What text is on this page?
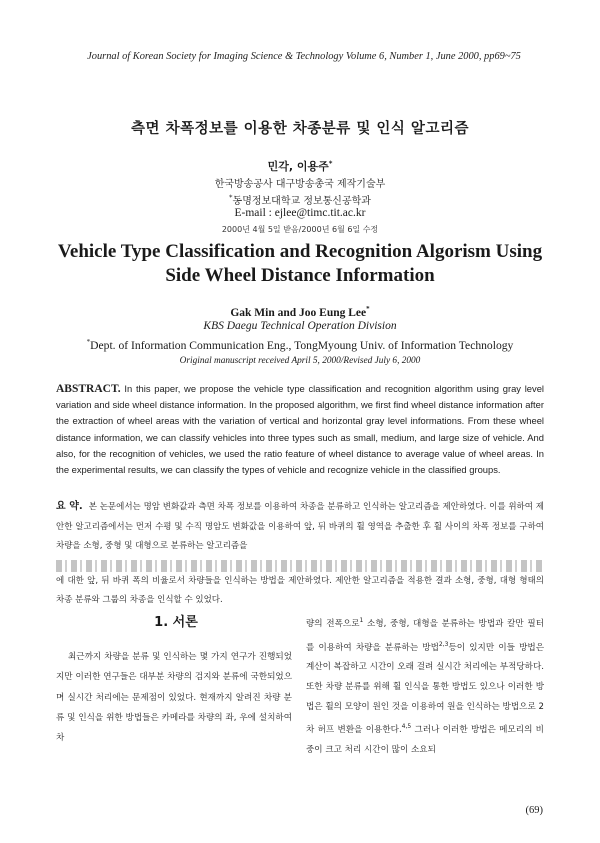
Journal of Korean Society for Imaging Science & Technology Volume 6, Number 1, June 2000, pp69~75
측면 차폭정보를 이용한 차종분류 및 인식 알고리즘
민각, 이용주*
한국방송공사 대구방송총국 제작기술부
*동명정보대학교 정보통신공학과
E-mail : ejlee@timc.tit.ac.kr
2000년 4월 5일 받음/2000년 6월 6일 수정
Vehicle Type Classification and Recognition Algorism Using
Side Wheel Distance Information
Gak Min and Joo Eung Lee*
KBS Daegu Technical Operation Division
*Dept. of Information Communication Eng., TongMyoung Univ. of Information Technology
Original manuscript received April 5, 2000/Revised July 6, 2000
ABSTRACT. In this paper, we propose the vehicle type classification and recognition algorithm using gray level variation and side wheel distance information. In the proposed algorithm, we first find wheel distance information after the extraction of wheel areas with the variation of vertical and horizontal gray level informations. From these wheel distance information, we can classify vehicles into three types such as small, medium, and large size of vehicle. And also, for the recognition of vehicles, we used the ratio feature of wheel distance to average value of wheel areas. In the experimental results, we can classify the types of vehicle and recognize vehicle in the classified groups.
요 약. 본 논문에서는 명암 변화값과 측면 차폭 정보를 이용하여 차종을 분류하고 인식하는 알고리즘을 제안하였다. 이를 위하여 제안한 알고리즘에서는 먼저 수평 및 수직 명암도 변화값을 이용하여 앞, 뒤 바퀴의 휠 영역을 추출한 후 휠 사이의 차폭 정보를 구하여 차량을 소형, 중형 및 대형으로 분류하는 알고리즘을
에 대한 앞, 뒤 바퀴 폭의 비율로서 차량들을 인식하는 방법을 제안하였다. 제안한 알고리즘을 적용한 결과 소형, 중형, 대형 형태의 차종 분류와 그룹의 차종을 인식할 수 있었다.
1. 서론

최근까지 차량을 분류 및 인식하는 몇 가지 연구가 진행되었지만 이러한 연구들은 대부분 차량의 검지와 분류에 국한되었으며 실시간 처리에는 문제점이 있었다. 현재까지 알려진 차량 분류 및 인식을 위한 방법들은 카메라를 차량의 좌, 우에 설치하여 차

량의 전폭으로$^1$ 소형, 중형, 대형을 분류하는 방법과 칼만 필터를 이용하여 차량을 분류하는 방법$^{2,3}$등이 있지만 이들 방법은 계산이 복잡하고 시간이 오래 걸려 실시간 처리에는 부적당하다. 또한 차량 분류를 위해 휠 인식을 통한 방법도 있으나 이러한 방법은 휠의 모양이 원인 것을 이용하여 원을 인식하는 방법으로 2차 허프 변환을 이용한다.$^{4,5}$ 그러나 이러한 방법은 메모리의 비중이 크고 처리 시간이 많이 소요되

(69)
